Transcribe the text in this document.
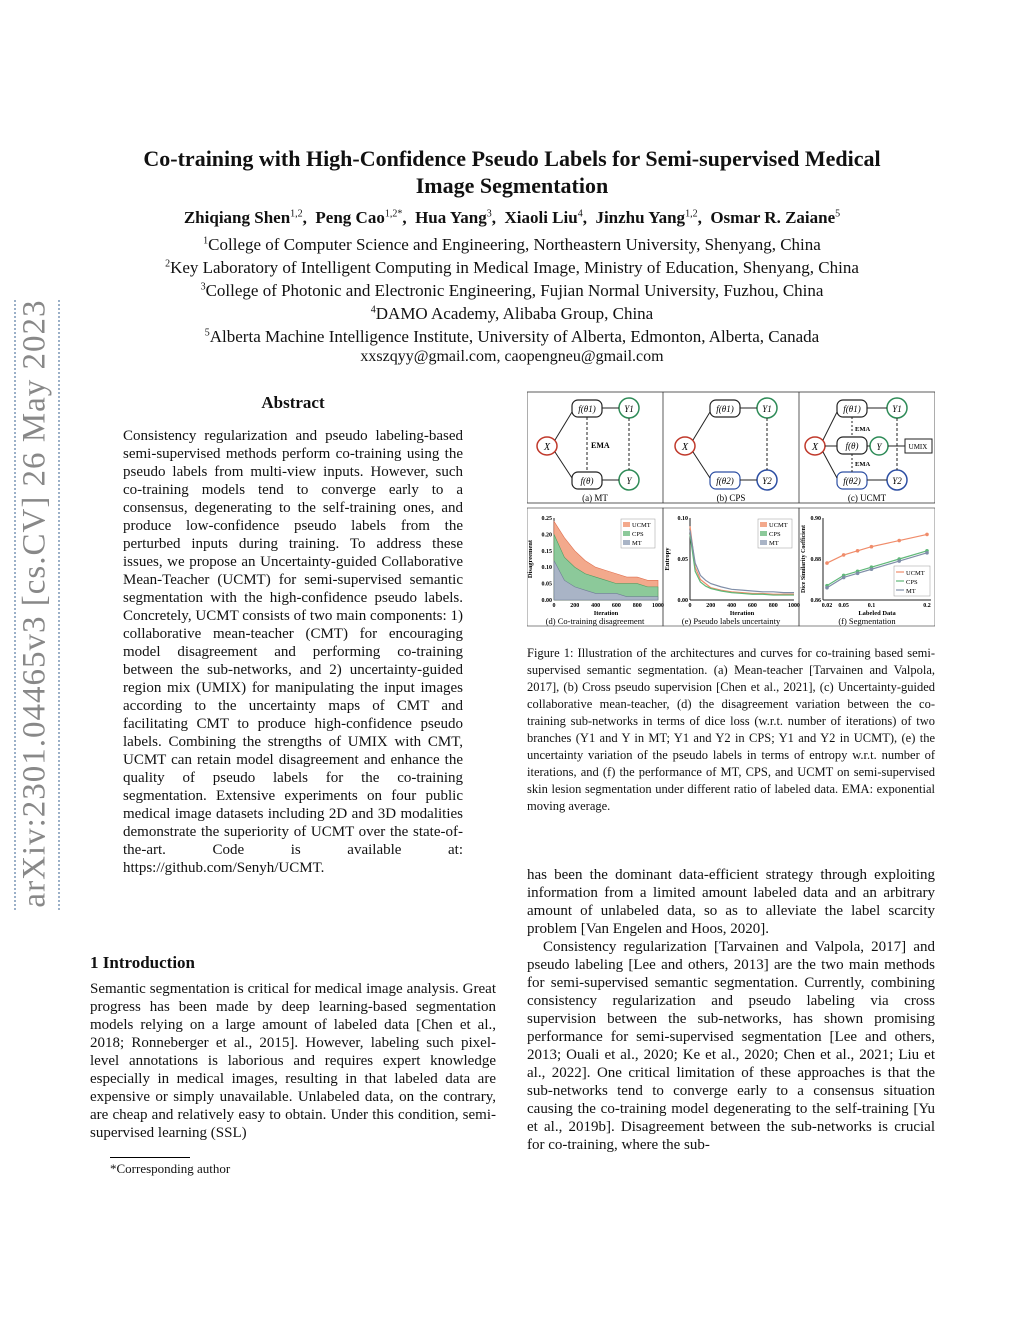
arXiv:2301.04465v3 [cs.CV] 26 May 2023
Co-training with High-Confidence Pseudo Labels for Semi-supervised Medical
Image Segmentation
Zhiqiang Shen$^{1,2}$,  Peng Cao$^{1,2*}$,  Hua Yang$^3$,  Xiaoli Liu$^4$,  Jinzhu Yang$^{1,2}$,  Osmar R. Zaiane$^5$
$^1$College of Computer Science and Engineering, Northeastern University, Shenyang, China
$^2$Key Laboratory of Intelligent Computing in Medical Image, Ministry of Education, Shenyang, China
$^3$College of Photonic and Electronic Engineering, Fujian Normal University, Fuzhou, China
$^4$DAMO Academy, Alibaba Group, China
$^5$Alberta Machine Intelligence Institute, University of Alberta, Edmonton, Alberta, Canada
xxszqyy@gmail.com, caopengneu@gmail.com
Abstract
Consistency regularization and pseudo labeling-based semi-supervised methods perform co-training using the pseudo labels from multi-view inputs. However, such co-training models tend to converge early to a consensus, degenerating to the self-training ones, and produce low-confidence pseudo labels from the perturbed inputs during training. To address these issues, we propose an Uncertainty-guided Collaborative Mean-Teacher (UCMT) for semi-supervised semantic segmentation with the high-confidence pseudo labels. Concretely, UCMT consists of two main components: 1) collaborative mean-teacher (CMT) for encouraging model disagreement and performing co-training between the sub-networks, and 2) uncertainty-guided region mix (UMIX) for manipulating the input images according to the uncertainty maps of CMT and facilitating CMT to produce high-confidence pseudo labels. Combining the strengths of UMIX with CMT, UCMT can retain model disagreement and enhance the quality of pseudo labels for the co-training segmentation. Extensive experiments on four public medical image datasets including 2D and 3D modalities demonstrate the superiority of UCMT over the state-of-the-art. Code is available at: https://github.com/Senyh/UCMT.
1 Introduction
Semantic segmentation is critical for medical image analysis. Great progress has been made by deep learning-based segmentation models relying on a large amount of labeled data [Chen et al., 2018; Ronneberger et al., 2015]. However, labeling such pixel-level annotations is laborious and requires expert knowledge especially in medical images, resulting in that labeled data are expensive or simply unavailable. Unlabeled data, on the contrary, are cheap and relatively easy to obtain. Under this condition, semi-supervised learning (SSL)
*Corresponding author
X
f(θ1)
f(θ)
Y1
Y
EMA
(a) MT
X
f(θ1)
f(θ2)
Y1
Y2
(b) CPS
X
f(θ1)
f(θ)
f(θ2)
Y1
Y
Y2
UMIX
EMA
EMA
(c) UCMT
0 200 400 600 800 1000
0.00
0.05
0.10
0.15
0.20
0.25
UCMT
CPS
MT
Iteration
Disagreement
(d) Co-training disagreement
0 200 400 600 800 1000
0.00
0.05
0.10
UCMT
CPS
MT
Iteration
Entropy
(e) Pseudo labels uncertainty
0.02 0.05	0.1	0.2
0.86
0.88
0.90
UCMT
CPS
MT
Labeled Data
Dice Similarity Coefficient
(f) Segmentation
Figure 1: Illustration of the architectures and curves for co-training based semi-supervised semantic segmentation. (a) Mean-teacher [Tarvainen and Valpola, 2017], (b) Cross pseudo supervision [Chen et al., 2021], (c) Uncertainty-guided collaborative mean-teacher, (d) the disagreement variation between the co-training sub-networks in terms of dice loss (w.r.t. number of iterations) of two branches (Y1 and Y in MT; Y1 and Y2 in CPS; Y1 and Y2 in UCMT), (e) the uncertainty variation of the pseudo labels in terms of entropy w.r.t. number of iterations, and (f) the performance of MT, CPS, and UCMT on semi-supervised skin lesion segmentation under different ratio of labeled data. EMA: exponential moving average.

has been the dominant data-efficient strategy through exploiting information from a limited amount labeled data and an arbitrary amount of unlabeled data, so as to alleviate the label scarcity problem [Van Engelen and Hoos, 2020].

Consistency regularization [Tarvainen and Valpola, 2017] and pseudo labeling [Lee and others, 2013] are the two main methods for semi-supervised semantic segmentation. Currently, combining consistency regularization and pseudo labeling via cross supervision between the sub-networks, has shown promising performance for semi-supervised segmentation [Lee and others, 2013; Ouali et al., 2020; Ke et al., 2020; Chen et al., 2021; Liu et al., 2022]. One critical limitation of these approaches is that the sub-networks tend to converge early to a consensus situation causing the co-training model degenerating to the self-training [Yu et al., 2019b]. Disagreement between the sub-networks is crucial for co-training, where the sub-
